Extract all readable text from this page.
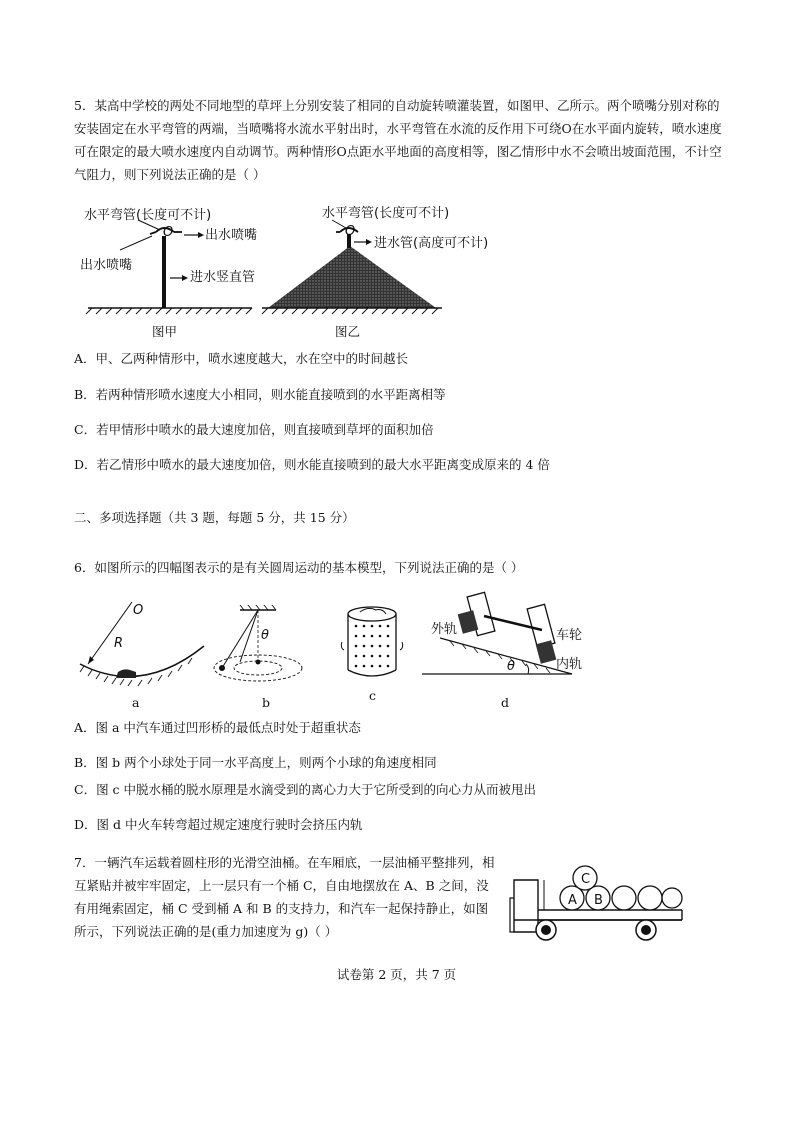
5．某高中学校的两处不同地型的草坪上分别安装了相同的自动旋转喷灌装置，如图甲、乙所示。两个喷嘴分别对称的安装固定在水平弯管的两端，当喷嘴将水流水平射出时，水平弯管在水流的反作用下可绕O在水平面内旋转，喷水速度可在限定的最大喷水速度内自动调节。两种情形O点距水平地面的高度相等，图乙情形中水不会喷出坡面范围，不计空气阻力，则下列说法正确的是（ ）
水平弯管(长度可不计)
O 出水喷嘴
出水喷嘴
进水竖直管
图甲
水平弯管(长度可不计)
O
进水管(高度可不计)
图乙
A．甲、乙两种情形中，喷水速度越大，水在空中的时间越长
B．若两种情形喷水速度大小相同，则水能直接喷到的水平距离相等
C．若甲情形中喷水的最大速度加倍，则直接喷到草坪的面积加倍
D．若乙情形中喷水的最大速度加倍，则水能直接喷到的最大水平距离变成原来的 4 倍
二、多项选择题（共 3 题，每题 5 分，共 15 分）
6．如图所示的四幅图表示的是有关圆周运动的基本模型，下列说法正确的是（ ）
O
R
a
θ
b	c
外轨	车轮
内轨
θ
d
A．图 a 中汽车通过凹形桥的最低点时处于超重状态
B．图 b 两个小球处于同一水平高度上，则两个小球的角速度相同
C．图 c 中脱水桶的脱水原理是水滴受到的离心力大于它所受到的向心力从而被甩出
D．图 d 中火车转弯超过规定速度行驶时会挤压内轨
7．一辆汽车运载着圆柱形的光滑空油桶。在车厢底，一层油桶平整排列，相互紧贴并被牢牢固定，上一层只有一个桶 C，自由地摆放在 A、B 之间，没有用绳索固定，桶 C 受到桶 A 和 B 的支持力，和汽车一起保持静止，如图所示，下列说法正确的是(重力加速度为 g)（ ）
A B
C
试卷第 2 页，共 7 页
